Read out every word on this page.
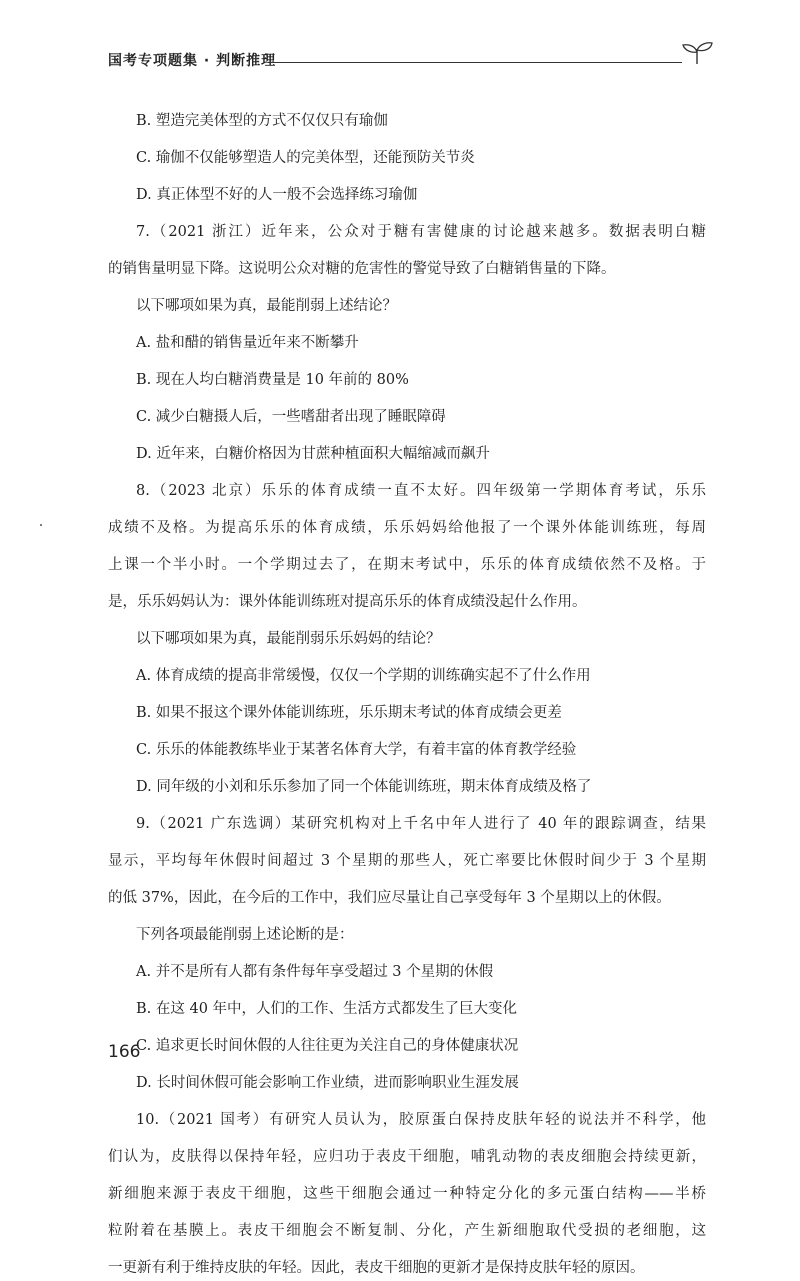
国考专项题集 · 判断推理
B. 塑造完美体型的方式不仅仅只有瑜伽
C. 瑜伽不仅能够塑造人的完美体型，还能预防关节炎
D. 真正体型不好的人一般不会选择练习瑜伽
7.（2021 浙江）近年来，公众对于糖有害健康的讨论越来越多。数据表明白糖
的销售量明显下降。这说明公众对糖的危害性的警觉导致了白糖销售量的下降。
以下哪项如果为真，最能削弱上述结论？
A. 盐和醋的销售量近年来不断攀升
B. 现在人均白糖消费量是 10 年前的 80%
C. 减少白糖摄人后，一些嗜甜者出现了睡眠障碍
D. 近年来，白糖价格因为甘蔗种植面积大幅缩减而飙升
8.（2023 北京）乐乐的体育成绩一直不太好。四年级第一学期体育考试，乐乐
成绩不及格。为提高乐乐的体育成绩，乐乐妈妈给他报了一个课外体能训练班，每周
上课一个半小时。一个学期过去了，在期末考试中，乐乐的体育成绩依然不及格。于
是，乐乐妈妈认为：课外体能训练班对提高乐乐的体育成绩没起什么作用。
以下哪项如果为真，最能削弱乐乐妈妈的结论？
A. 体育成绩的提高非常缓慢，仅仅一个学期的训练确实起不了什么作用
B. 如果不报这个课外体能训练班，乐乐期末考试的体育成绩会更差
C. 乐乐的体能教练毕业于某著名体育大学，有着丰富的体育教学经验
D. 同年级的小刘和乐乐参加了同一个体能训练班，期末体育成绩及格了
9.（2021 广东选调）某研究机构对上千名中年人进行了 40 年的跟踪调查，结果
显示，平均每年休假时间超过 3 个星期的那些人，死亡率要比休假时间少于 3 个星期
的低 37%，因此，在今后的工作中，我们应尽量让自己享受每年 3 个星期以上的休假。
下列各项最能削弱上述论断的是：
A. 并不是所有人都有条件每年享受超过 3 个星期的休假
B. 在这 40 年中，人们的工作、生活方式都发生了巨大变化
C. 追求更长时间休假的人往往更为关注自己的身体健康状况
D. 长时间休假可能会影响工作业绩，进而影响职业生涯发展
10.（2021 国考）有研究人员认为，胶原蛋白保持皮肤年轻的说法并不科学，他
们认为，皮肤得以保持年轻，应归功于表皮干细胞，哺乳动物的表皮细胞会持续更新，
新细胞来源于表皮干细胞，这些干细胞会通过一种特定分化的多元蛋白结构——半桥
粒附着在基膜上。表皮干细胞会不断复制、分化，产生新细胞取代受损的老细胞，这
一更新有利于维持皮肤的年轻。因此，表皮干细胞的更新才是保持皮肤年轻的原因。
166
